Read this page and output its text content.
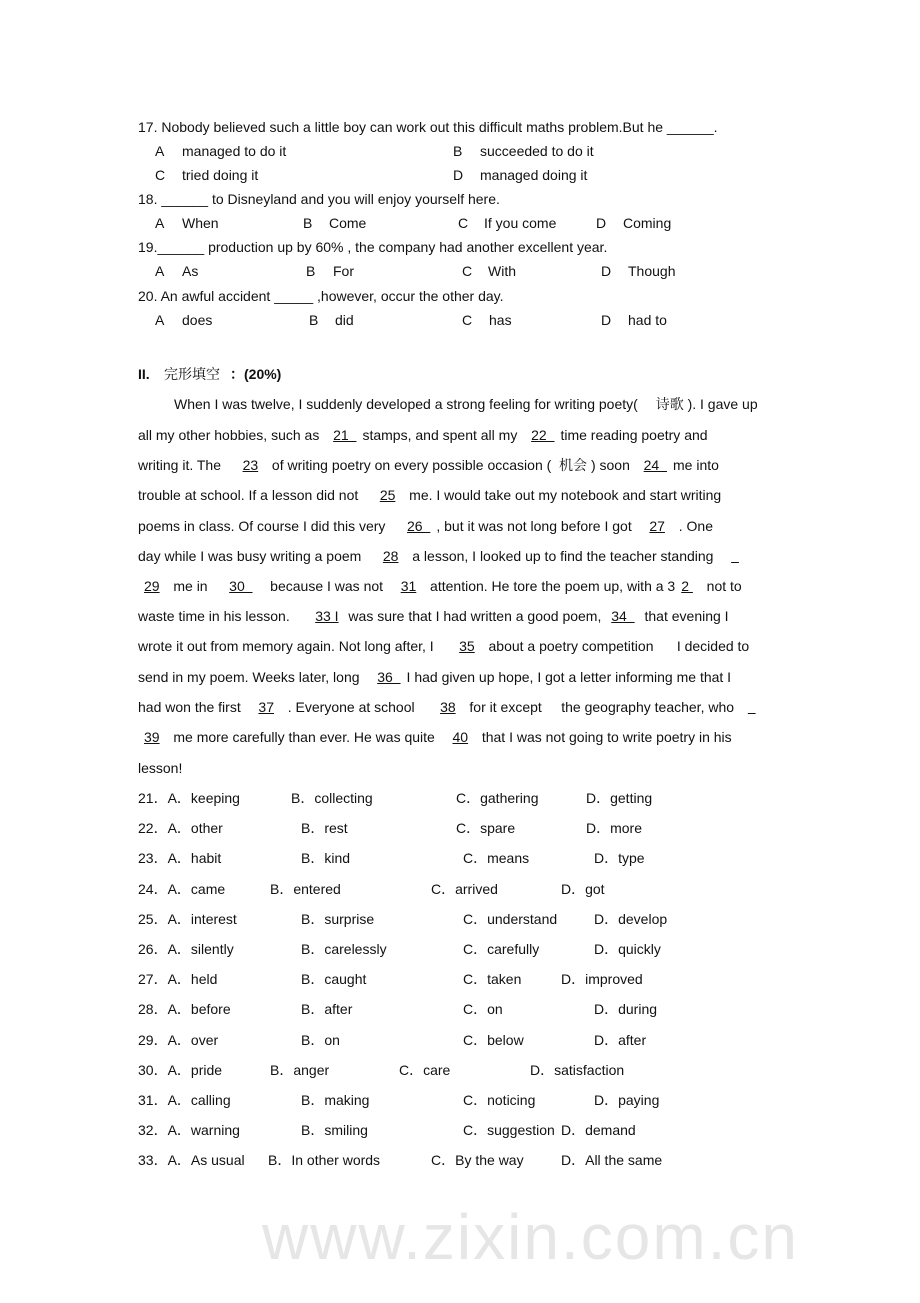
www.zixin.com.cn
17. Nobody believed such a little boy can work out this difficult maths problem.But he ______.
A managed to do it	B succeeded to do it
C tried doing it	D managed doing it
18. ______ to Disneyland and you will enjoy yourself here.
A When	B Come	C If you come	D Coming
19.______ production up by 60% , the company had another excellent year.
A As	B For	C With	D Though
20. An awful accident _____ ,however, occur the other day.
A does	B did	C has	D had to
II. 完形填空 ：(20%)
When I was twelve, I suddenly developed a strong feeling for writing poety(　 诗歌 ). I gave up
all my other hobbies, such as  21  stamps, and spent all my  22  time reading poetry and
writing it. The    23  of writing poetry on every possible occasion (  机会 ) soon  24  me into
trouble at school. If a lesson did not    25  me. I would take out my notebook and start writing
poems in class. Of course I did this very    26  , but it was not long before I got   27  . One
day while I was busy writing a poem    28  a lesson, I looked up to find the teacher standing
29  me in    30     because I was not   31  attention. He tore the poem up, with a 3 2   not to
waste time in his lesson.     33 I was sure that I had written a good poem, 34   that evening I
wrote it out from memory again. Not long after, I     35  about a poetry competition      I decided to
send in my poem. Weeks later, long   36  I had given up hope, I got a letter informing me that I
had won the first   37  . Everyone at school     38  for it except     the geography teacher, who
39  me more carefully than ever. He was quite   40  that I was not going to write poetry in his
lesson!
21．A．keeping	B．collecting	C．gathering	D．getting
22．A．other	B．rest	C．spare	D．more
23．A．habit	B．kind	C．means	D．type
24．A．came	B．entered	C．arrived	D．got
25．A．interest	B．surprise	C．understand	D．develop
26．A．silently	B．carelessly	C．carefully	D．quickly
27．A．held	B．caught	C．taken	D．improved
28．A．before	B．after	C．on	D．during
29．A．over	B．on	C．below	D．after
30．A．pride	B．anger	C．care	D．satisfaction
31．A．calling	B．making	C．noticing	D．paying
32．A．warning	B．smiling	C．suggestion D．demand
33．A．As usual B．In other words	C．By the way	D．All the same
